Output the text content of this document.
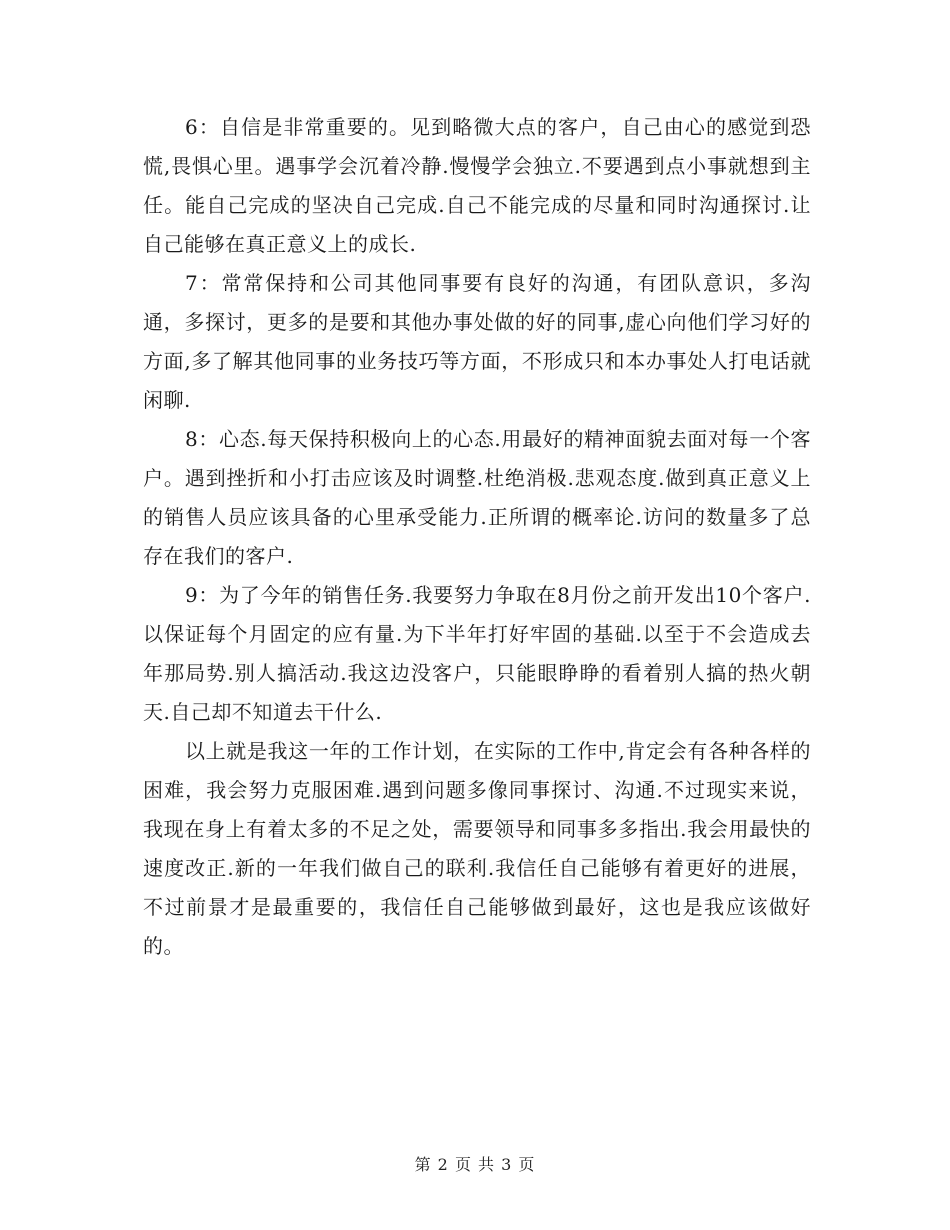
6：自信是非常重要的。见到略微大点的客户，自己由心的感觉到恐慌,畏惧心里。遇事学会沉着冷静.慢慢学会独立.不要遇到点小事就想到主任。能自己完成的坚决自己完成.自己不能完成的尽量和同时沟通探讨.让自己能够在真正意义上的成长.

7：常常保持和公司其他同事要有良好的沟通，有团队意识，多沟通，多探讨，更多的是要和其他办事处做的好的同事,虚心向他们学习好的方面,多了解其他同事的业务技巧等方面，不形成只和本办事处人打电话就闲聊.

8：心态.每天保持积极向上的心态.用最好的精神面貌去面对每一个客户。遇到挫折和小打击应该及时调整.杜绝消极.悲观态度.做到真正意义上的销售人员应该具备的心里承受能力.正所谓的概率论.访问的数量多了总存在我们的客户.

9：为了今年的销售任务.我要努力争取在8月份之前开发出10个客户.以保证每个月固定的应有量.为下半年打好牢固的基础.以至于不会造成去年那局势.别人搞活动.我这边没客户，只能眼睁睁的看着别人搞的热火朝天.自己却不知道去干什么.

以上就是我这一年的工作计划，在实际的工作中,肯定会有各种各样的困难，我会努力克服困难.遇到问题多像同事探讨、沟通.不过现实来说，我现在身上有着太多的不足之处，需要领导和同事多多指出.我会用最快的速度改正.新的一年我们做自己的联利.我信任自己能够有着更好的进展，不过前景才是最重要的，我信任自己能够做到最好，这也是我应该做好的。

第 2 页 共 3 页
